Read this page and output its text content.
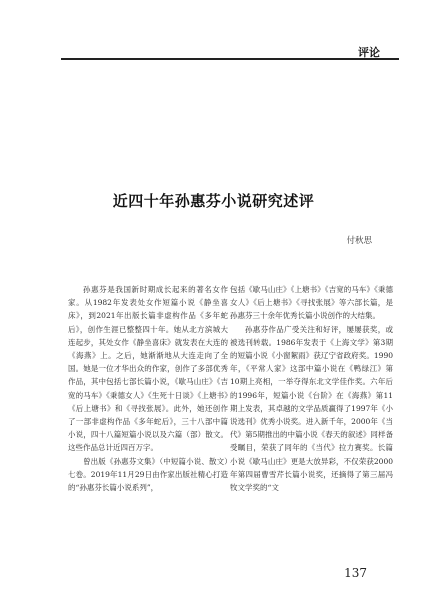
评论
近四十年孙惠芬小说研究述评
付秋思

孙惠芬是我国新时期成长起来的著名女作家。从1982年发表处女作短篇小说《静坐喜床》，到2021年出版长篇非虚构作品《多年蛇后》，创作生涯已整整四十年。她从北方滨城大连起步，其处女作《静坐喜床》就发表在大连的《海燕》上。之后，她渐渐地从大连走向了全国。她是一位才华出众的作家，创作了多部优秀作品，其中包括七部长篇小说，《歇马山庄》《吉宽的马车》《秉德女人》《生死十日谈》《上塘书》《后上塘书》和《寻找张展》。此外，她还创作了一部非虚构作品《多年蛇后》，三十八部中篇小说，四十八篇短篇小说以及六篇（部）散文。这些作品总计近四百万字。

曾出版《孙惠芬文集》（中短篇小说、散文）七卷。2019年11月29日由作家出版社精心打造的“孙惠芬长篇小说系列”，

包括《歇马山庄》《上塘书》《吉宽的马车》《秉德女人》《后上塘书》《寻找张展》等六部长篇，是孙惠芬三十余年优秀长篇小说创作的大结集。

孙惠芬作品广受关注和好评，屡屡获奖，或被选刊转载。1986年发表于《上海文学》第3期的短篇小说《小窗絮雨》获辽宁省政府奖。1990年，《平常人家》这部中篇小说在《鸭绿江》第10期上亮相，一举夺得东北文学佳作奖。六年后的1996年，短篇小说《台阶》在《海燕》第11期上发表，其卓越的文学品质赢得了1997年《小说选刊》优秀小说奖。进入新千年，2000年《当代》第5期推出的中篇小说《春天的叙述》同样备受瞩目，荣获了同年的《当代》拉力赛奖。长篇小说《歇马山庄》更是大放异彩，不仅荣获2000年第四届曹雪芹长篇小说奖，还摘得了第三届冯牧文学奖的“文

137
